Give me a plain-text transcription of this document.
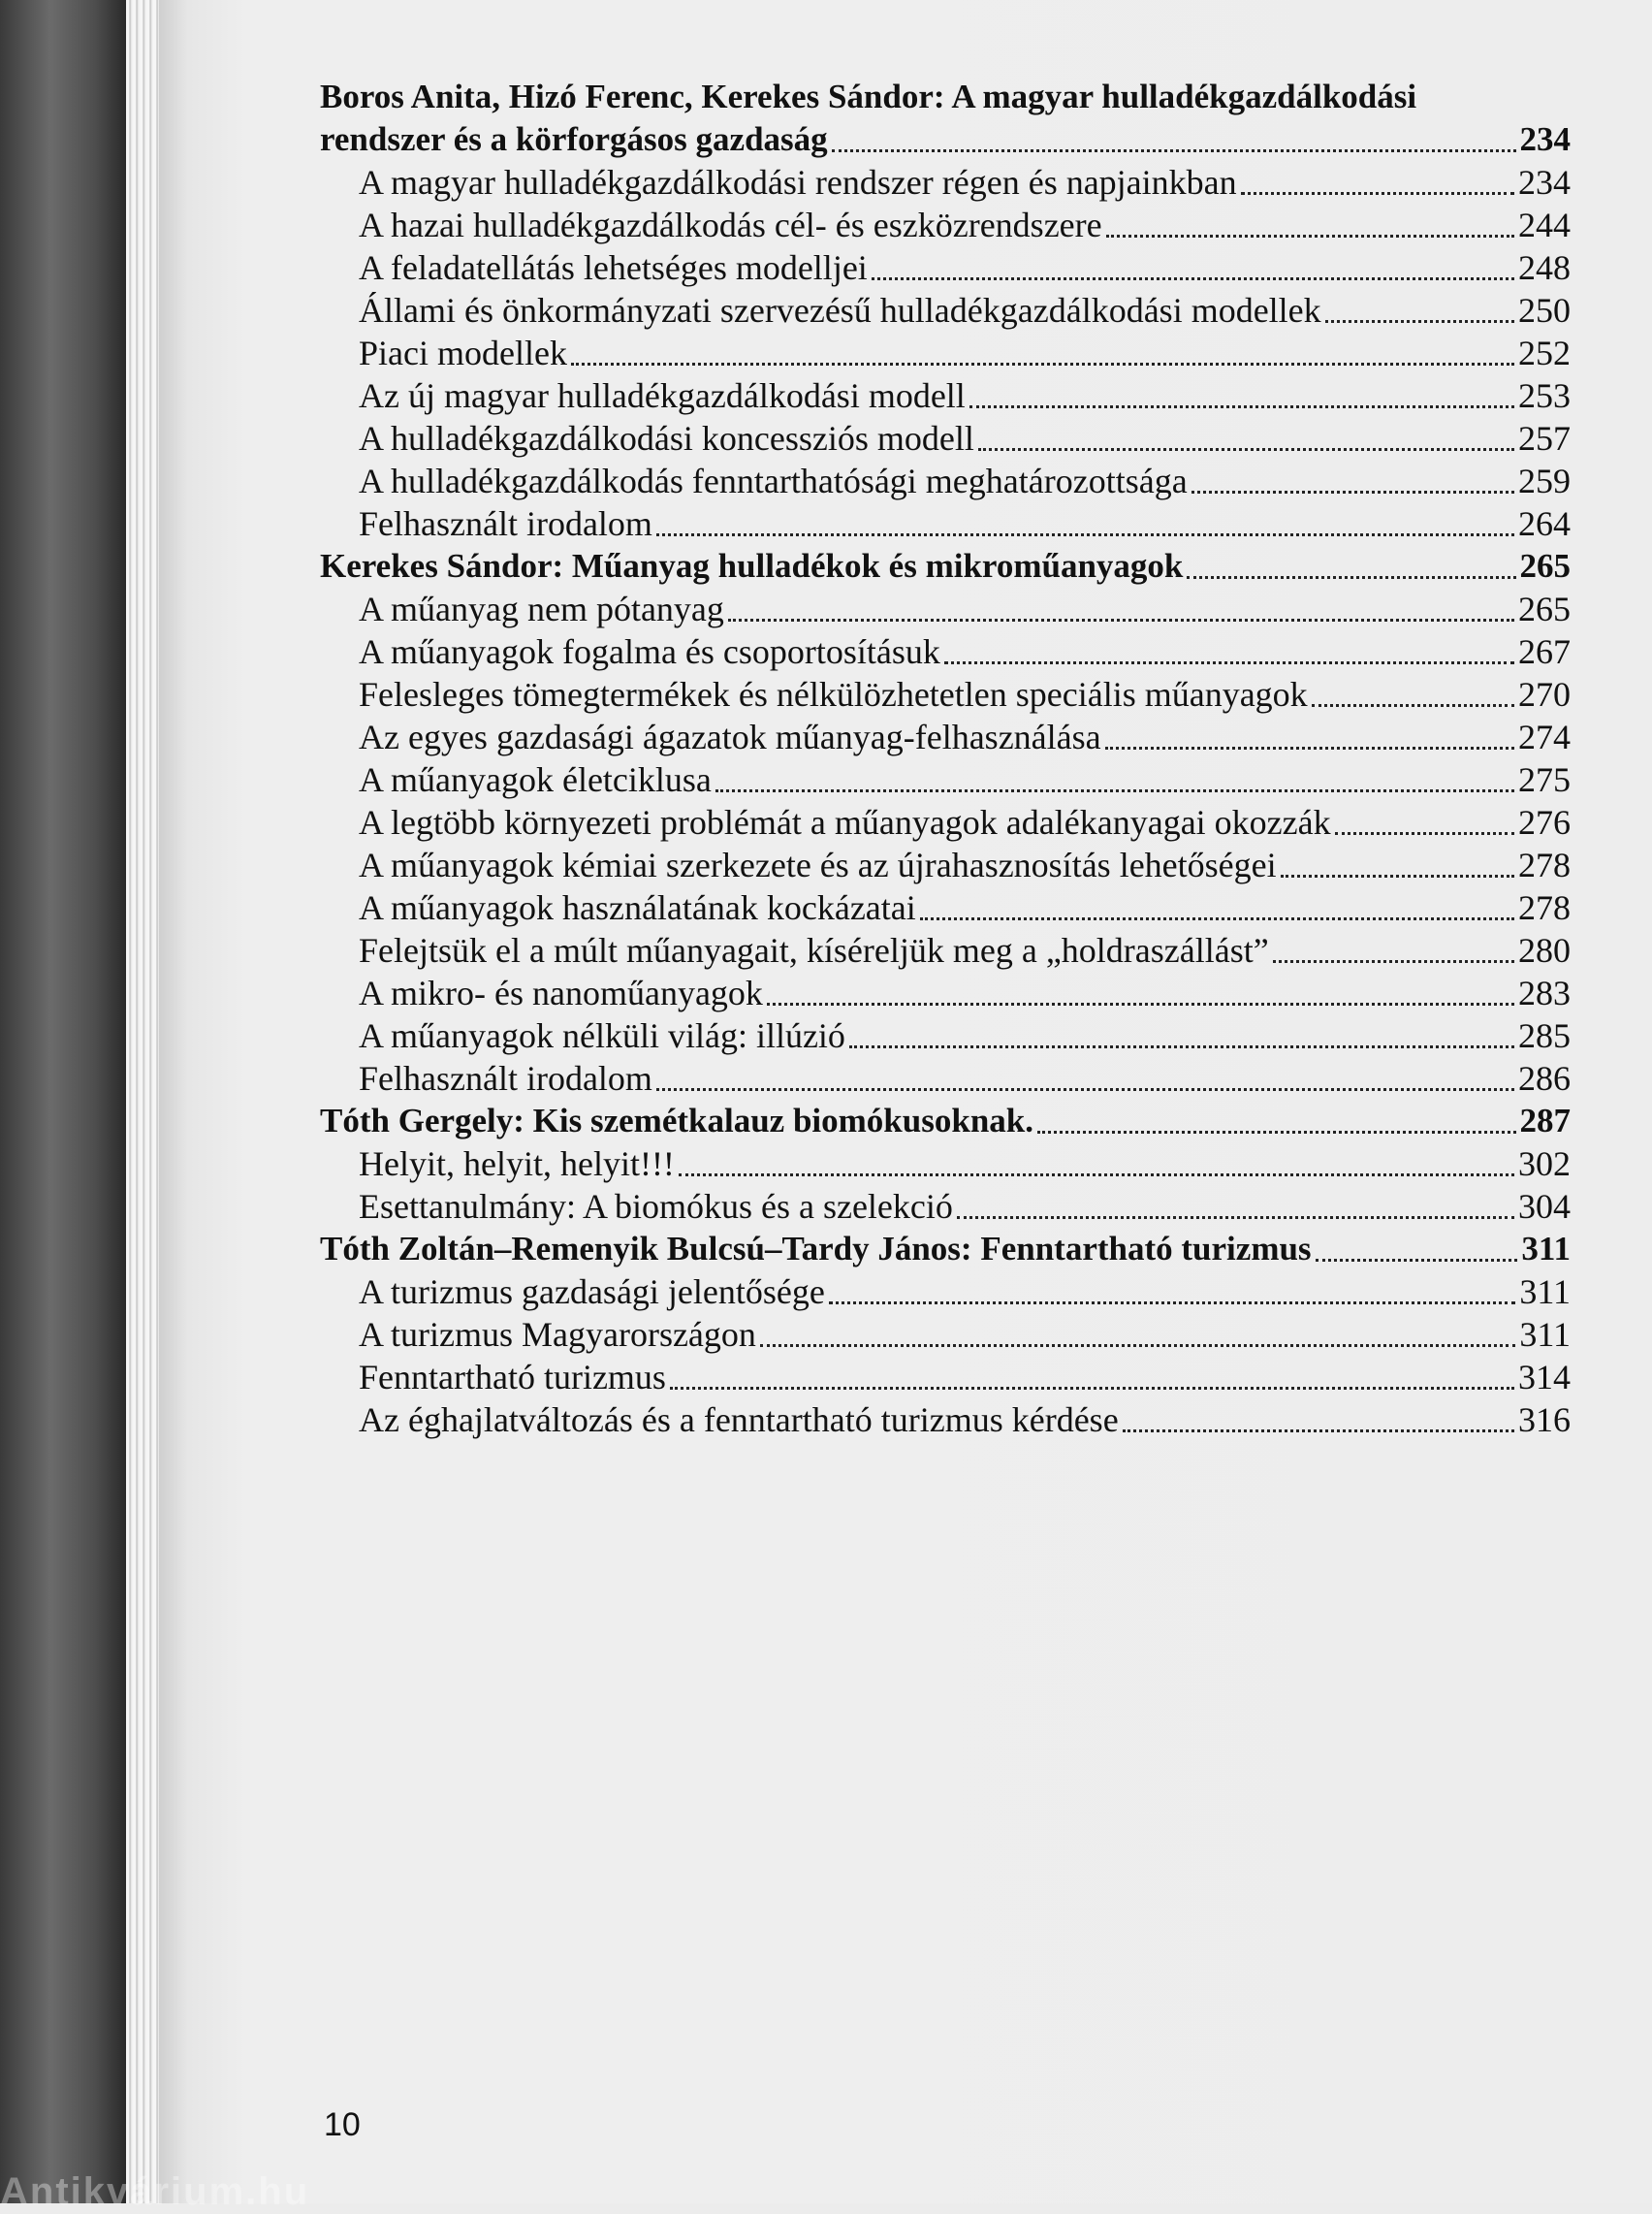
Boros Anita, Hizó Ferenc, Kerekes Sándor: A magyar hulladékgazdálkodási
rendszer és a körforgásos gazdaság	234
A magyar hulladékgazdálkodási rendszer régen és napjainkban	234
A hazai hulladékgazdálkodás cél- és eszközrendszere	244
A feladatellátás lehetséges modelljei	248
Állami és önkormányzati szervezésű hulladékgazdálkodási modellek	250
Piaci modellek	252
Az új magyar hulladékgazdálkodási modell	253
A hulladékgazdálkodási koncessziós modell	257
A hulladékgazdálkodás fenntarthatósági meghatározottsága	259
Felhasznált irodalom	264
Kerekes Sándor: Műanyag hulladékok és mikroműanyagok	265
A műanyag nem pótanyag	265
A műanyagok fogalma és csoportosításuk	267
Felesleges tömegtermékek és nélkülözhetetlen speciális műanyagok	270
Az egyes gazdasági ágazatok műanyag-felhasználása	274
A műanyagok életciklusa	275
A legtöbb környezeti problémát a műanyagok adalékanyagai okozzák	276
A műanyagok kémiai szerkezete és az újrahasznosítás lehetőségei	278
A műanyagok használatának kockázatai	278
Felejtsük el a múlt műanyagait, kíséreljük meg a „holdraszállást”	280
A mikro- és nanoműanyagok	283
A műanyagok nélküli világ: illúzió	285
Felhasznált irodalom	286
Tóth Gergely: Kis szemétkalauz biomókusoknak.	287
Helyit, helyit, helyit!!!	302
Esettanulmány: A biomókus és a szelekció	304
Tóth Zoltán–Remenyik Bulcsú–Tardy János: Fenntartható turizmus	311
A turizmus gazdasági jelentősége	311
A turizmus Magyarországon	311
Fenntartható turizmus	314
Az éghajlatváltozás és a fenntartható turizmus kérdése	316
10
Antikvárium.hu
